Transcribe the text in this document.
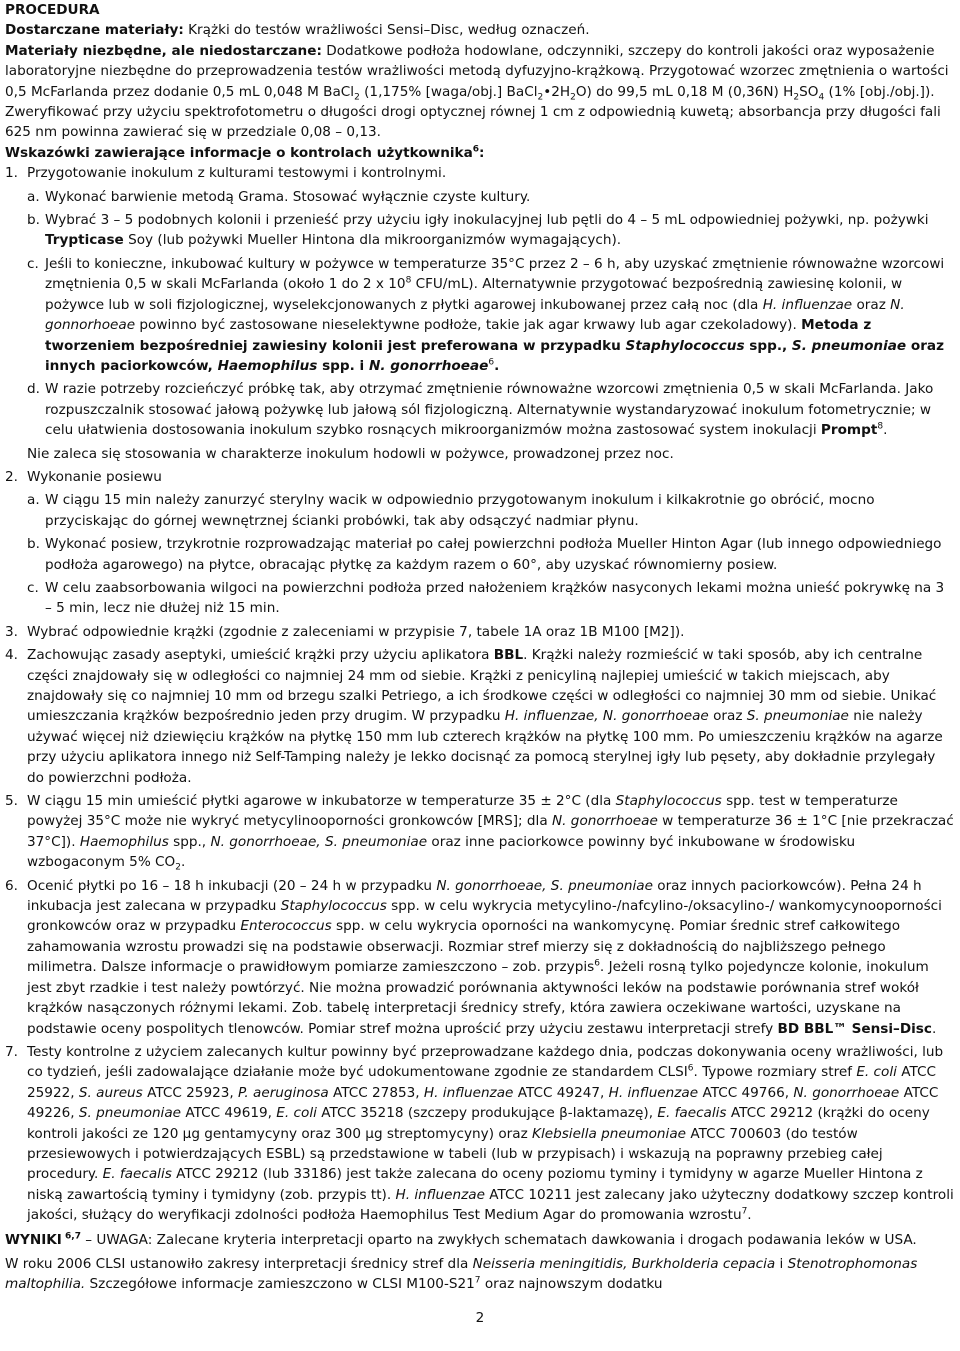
PROCEDURA

Dostarczane materiały: Krążki do testów wrażliwości Sensi–Disc, według oznaczeń.

Materiały niezbędne, ale niedostarczane: Dodatkowe podłoża hodowlane, odczynniki, szczepy do kontroli jakości oraz wyposażenie laboratoryjne niezbędne do przeprowadzenia testów wrażliwości metodą dyfuzyjno-krążkową. Przygotować wzorzec zmętnienia o wartości 0,5 McFarlanda przez dodanie 0,5 mL 0,048 M BaCl$_2$ (1,175% [waga/obj.] $BaCl_2•2H_2O$) do 99,5 mL 0,18 M (0,36N) $H_2SO_4$ (1% [obj./obj.]). Zweryfikować przy użyciu spektrofotometru o długości drogi optycznej równej 1 cm z odpowiednią kuwetą; absorbancja przy długości fali 625 nm powinna zawierać się w przedziale 0,08 – 0,13.

Wskazówki zawierające informacje o kontrolach użytkownika$^6$:
1. Przygotowanie inokulum z kulturami testowymi i kontrolnymi.
a. Wykonać barwienie metodą Grama. Stosować wyłącznie czyste kultury.
b. Wybrać 3 – 5 podobnych kolonii i przenieść przy użyciu igły inokulacyjnej lub pętli do 4 – 5 mL odpowiedniej pożywki, np. pożywki Trypticase Soy (lub pożywki Mueller Hintona dla mikroorganizmów wymagających).
c. Jeśli to konieczne, inkubować kultury w pożywce w temperaturze 35°C przez 2 – 6 h, aby uzyskać zmętnienie równoważne wzorcowi zmętnienia 0,5 w skali McFarlanda (około 1 do 2 x $10^8$ CFU/mL). Alternatywnie przygotować bezpośrednią zawiesinę kolonii, w pożywce lub w soli fizjologicznej, wyselekcjonowanych z płytki agarowej inkubowanej przez całą noc (dla H. influenzae oraz N. gonnorhoeae powinno być zastosowane nieselektywne podłoże, takie jak agar krwawy lub agar czekoladowy). Metoda z tworzeniem bezpośredniej zawiesiny kolonii jest preferowana w przypadku Staphylococcus spp., S. pneumoniae oraz innych paciorkowców, Haemophilus spp. i N. gonorrhoeae$^6$.
d. W razie potrzeby rozcieńczyć próbkę tak, aby otrzymać zmętnienie równoważne wzorcowi zmętnienia 0,5 w skali McFarlanda. Jako rozpuszczalnik stosować jałową pożywkę lub jałową sól fizjologiczną. Alternatywnie wystandaryzować inokulum fotometrycznie; w celu ułatwienia dostosowania inokulum szybko rosnących mikroorganizmów można zastosować system inokulacji Prompt$^8$.

Nie zaleca się stosowania w charakterze inokulum hodowli w pożywce, prowadzonej przez noc.

2. Wykonanie posiewu
a. W ciągu 15 min należy zanurzyć sterylny wacik w odpowiednio przygotowanym inokulum i kilkakrotnie go obrócić, mocno przyciskając do górnej wewnętrznej ścianki probówki, tak aby odsączyć nadmiar płynu.
b. Wykonać posiew, trzykrotnie rozprowadzając materiał po całej powierzchni podłoża Mueller Hinton Agar (lub innego odpowiedniego podłoża agarowego) na płytce, obracając płytkę za każdym razem o 60°, aby uzyskać równomierny posiew.
c. W celu zaabsorbowania wilgoci na powierzchni podłoża przed nałożeniem krążków nasyconych lekami można unieść pokrywkę na 3 – 5 min, lecz nie dłużej niż 15 min.
3. Wybrać odpowiednie krążki (zgodnie z zaleceniami w przypisie 7, tabele 1A oraz 1B M100 [M2]).
4. Zachowując zasady aseptyki, umieścić krążki przy użyciu aplikatora BBL. Krążki należy rozmieścić w taki sposób, aby ich centralne części znajdowały się w odległości co najmniej 24 mm od siebie. Krążki z penicyliną najlepiej umieścić w takich miejscach, aby znajdowały się co najmniej 10 mm od brzegu szalki Petriego, a ich środkowe części w odległości co najmniej 30 mm od siebie. Unikać umieszczania krążków bezpośrednio jeden przy drugim. W przypadku H. influenzae, N. gonorrhoeae oraz S. pneumoniae nie należy używać więcej niż dziewięciu krążków na płytkę 150 mm lub czterech krążków na płytkę 100 mm. Po umieszczeniu krążków na agarze przy użyciu aplikatora innego niż Self-Tamping należy je lekko docisnąć za pomocą sterylnej igły lub pęsety, aby dokładnie przylegały do powierzchni podłoża.
5. W ciągu 15 min umieścić płytki agarowe w inkubatorze w temperaturze 35 ± 2°C (dla Staphylococcus spp. test w temperaturze powyżej 35°C może nie wykryć metycylinooporności gronkowców [MRS]; dla N. gonorrhoeae w temperaturze 36 ± 1°C [nie przekraczać 37°C]). Haemophilus spp., N. gonorrhoeae, S. pneumoniae oraz inne paciorkowce powinny być inkubowane w środowisku wzbogaconym 5% $CO_2$.
6. Ocenić płytki po 16 – 18 h inkubacji (20 – 24 h w przypadku N. gonorrhoeae, S. pneumoniae oraz innych paciorkowców). Pełna 24 h inkubacja jest zalecana w przypadku Staphylococcus spp. w celu wykrycia metycylino-/nafcylino-/oksacylino-/ wankomycynooporności gronkowców oraz w przypadku Enterococcus spp. w celu wykrycia oporności na wankomycynę. Pomiar średnic stref całkowitego zahamowania wzrostu prowadzi się na podstawie obserwacji. Rozmiar stref mierzy się z dokładnością do najbliższego pełnego milimetra. Dalsze informacje o prawidłowym pomiarze zamieszczono – zob. przypis$^6$. Jeżeli rosną tylko pojedyncze kolonie, inokulum jest zbyt rzadkie i test należy powtórzyć. Nie można prowadzić porównania aktywności leków na podstawie porównania stref wokół krążków nasączonych różnymi lekami. Zob. tabelę interpretacji średnicy strefy, która zawiera oczekiwane wartości, uzyskane na podstawie oceny pospolitych tlenowców. Pomiar stref można uprościć przy użyciu zestawu interpretacji strefy BD BBL™ Sensi–Disc.
7. Testy kontrolne z użyciem zalecanych kultur powinny być przeprowadzane każdego dnia, podczas dokonywania oceny wrażliwości, lub co tydzień, jeśli zadowalające działanie może być udokumentowane zgodnie ze standardem CLSI$^6$. Typowe rozmiary stref E. coli ATCC 25922, S. aureus ATCC 25923, P. aeruginosa ATCC 27853, H. influenzae ATCC 49247, H. influenzae ATCC 49766, N. gonorrhoeae ATCC 49226, S. pneumoniae ATCC 49619, E. coli ATCC 35218 (szczepy produkujące β-laktamazę), E. faecalis ATCC 29212 (krążki do oceny kontroli jakości ze 120 µg gentamycyny oraz 300 µg streptomycyny) oraz Klebsiella pneumoniae ATCC 700603 (do testów przesiewowych i potwierdzających ESBL) są przedstawione w tabeli (lub w przypisach) i wskazują na poprawny przebieg całej procedury. E. faecalis ATCC 29212 (lub 33186) jest także zalecana do oceny poziomu tyminy i tymidyny w agarze Mueller Hintona z niską zawartością tyminy i tymidyny (zob. przypis tt). H. influenzae ATCC 10211 jest zalecany jako użyteczny dodatkowy szczep kontroli jakości, służący do weryfikacji zdolności podłoża Haemophilus Test Medium Agar do promowania wzrostu$^7$.

WYNIKI $^{6,7}$ – UWAGA: Zalecane kryteria interpretacji oparto na zwykłych schematach dawkowania i drogach podawania leków w USA.

W roku 2006 CLSI ustanowiło zakresy interpretacji średnicy stref dla Neisseria meningitidis, Burkholderia cepacia i Stenotrophomonas maltophilia. Szczegółowe informacje zamieszczono w CLSI $M100-S21^7$ oraz najnowszym dodatku

2
